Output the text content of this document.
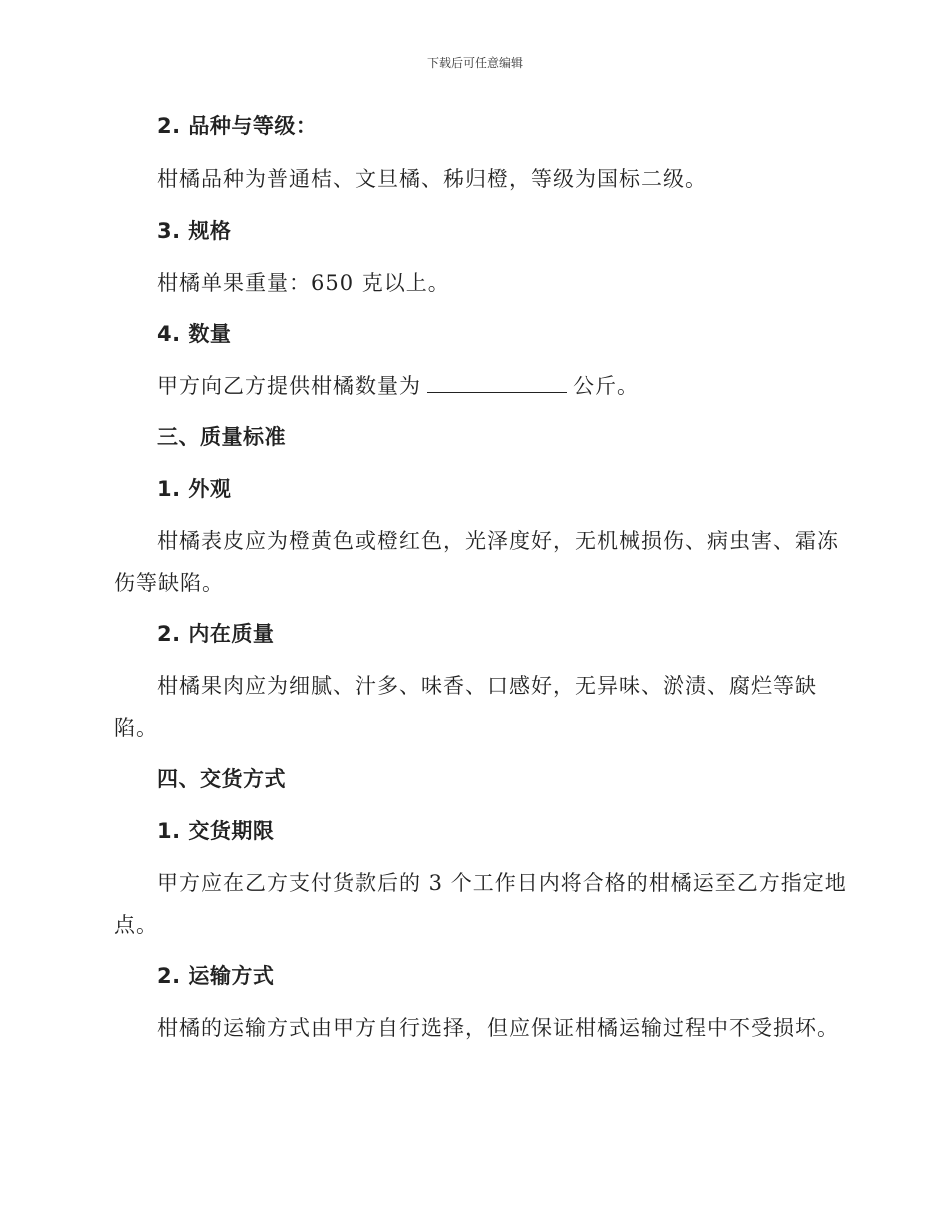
下载后可任意编辑
2. 品种与等级：
柑橘品种为普通桔、文旦橘、秭归橙，等级为国标二级。
3. 规格
柑橘单果重量：650 克以上。
4. 数量
甲方向乙方提供柑橘数量为	公斤。
三、质量标准
1. 外观
柑橘表皮应为橙黄色或橙红色，光泽度好，无机械损伤、病虫害、霜冻
伤等缺陷。
2. 内在质量
柑橘果肉应为细腻、汁多、味香、口感好，无异味、淤渍、腐烂等缺
陷。
四、交货方式
1. 交货期限
甲方应在乙方支付货款后的 3 个工作日内将合格的柑橘运至乙方指定地
点。
2. 运输方式
柑橘的运输方式由甲方自行选择，但应保证柑橘运输过程中不受损坏。
